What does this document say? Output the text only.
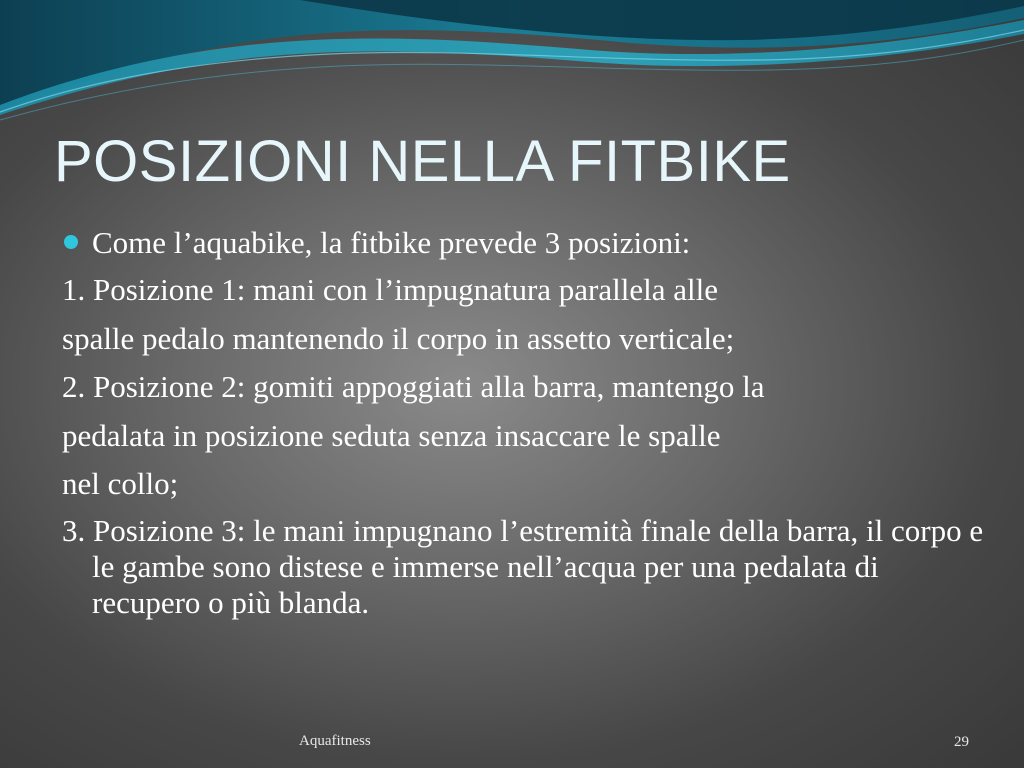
POSIZIONI NELLA FITBIKE
Come l’aquabike, la fitbike prevede 3 posizioni:
1. Posizione 1: mani con l’impugnatura parallela alle
spalle pedalo mantenendo il corpo in assetto verticale;
2. Posizione 2: gomiti appoggiati alla barra, mantengo la
pedalata in posizione seduta senza insaccare le spalle
nel collo;
3. Posizione 3: le mani impugnano l’estremità finale della barra, il corpo e le gambe sono distese e immerse nell’acqua per una pedalata di recupero o più blanda.
Aquafitness	29
